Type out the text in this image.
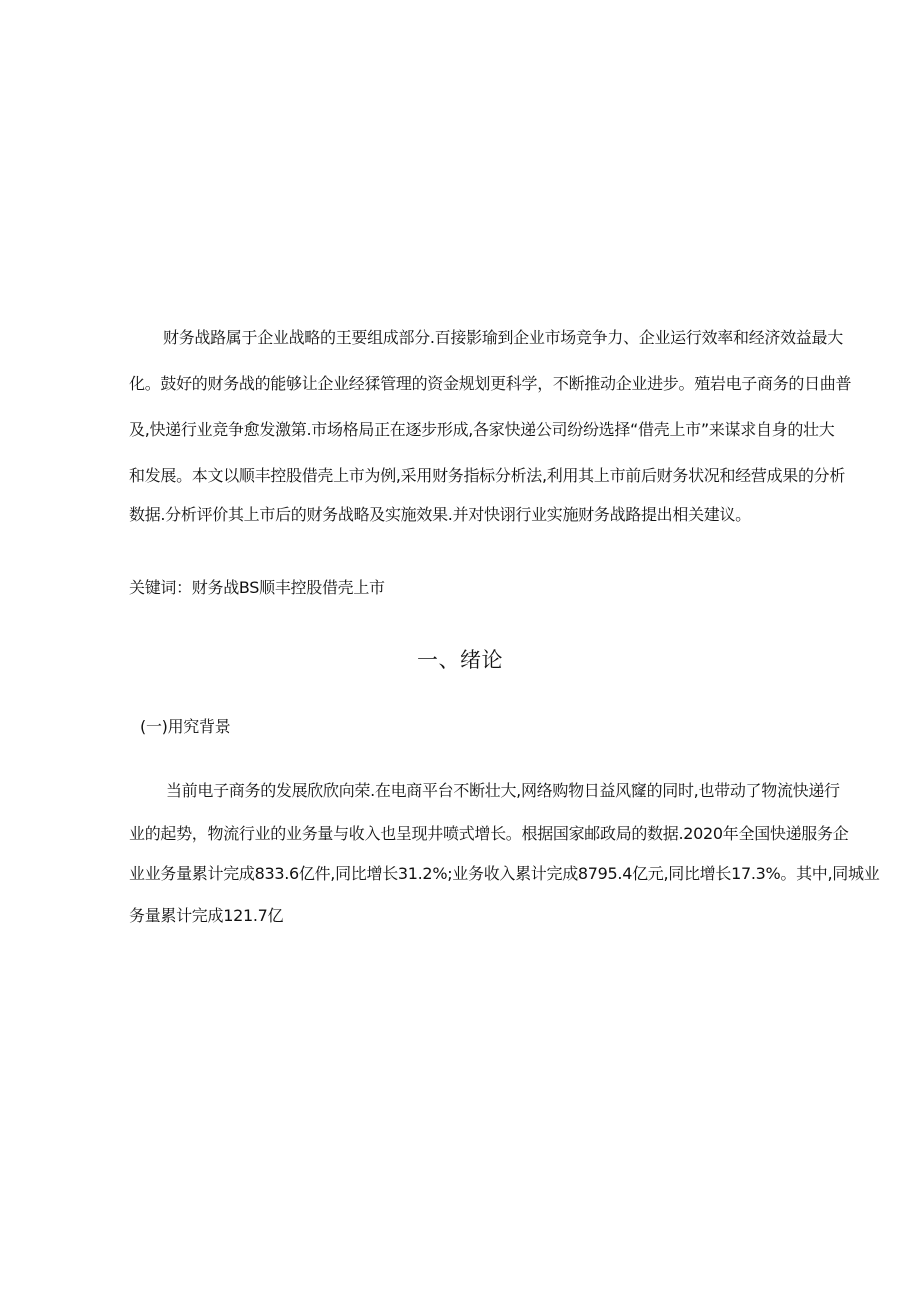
财务战路属于企业战略的王要组成部分.百接影瑜到企业市场竞争力、企业运行效率和经济效益最大
化。鼓好的财务战的能够让企业经猱管理的资金规划更科学，不断推动企业进步。殖岩电子商务的日曲普
及,快递行业竞争愈发激第.市场格局正在逐步形成,各家快递公司纷纷选择“借壳上市”来谋求自身的壮大
和发展。本文以顺丰控股借壳上市为例,采用财务指标分析法,利用其上市前后财务状况和经营成果的分析
数据.分析评价其上市后的财务战略及实施效果.并对快诩行业实施财务战路提出相关建议。
关键词：财务战BS顺丰控股借壳上市
一、绪论
(一)用究背景
当前电子商务的发展欣欣向荣.在电商平台不断壮大,网络购物日益风窿的同时,也带动了物流快递行
业的起势，物流行业的业务量与收入也呈现井喷式增长。根据国家邮政局的数据.2020年全国快递服务企
业业务量累计完成833.6亿件,同比增长31.2%;业务收入累计完成8795.4亿元,同比增长17.3%。其中,同城业
务量累计完成121.7亿
